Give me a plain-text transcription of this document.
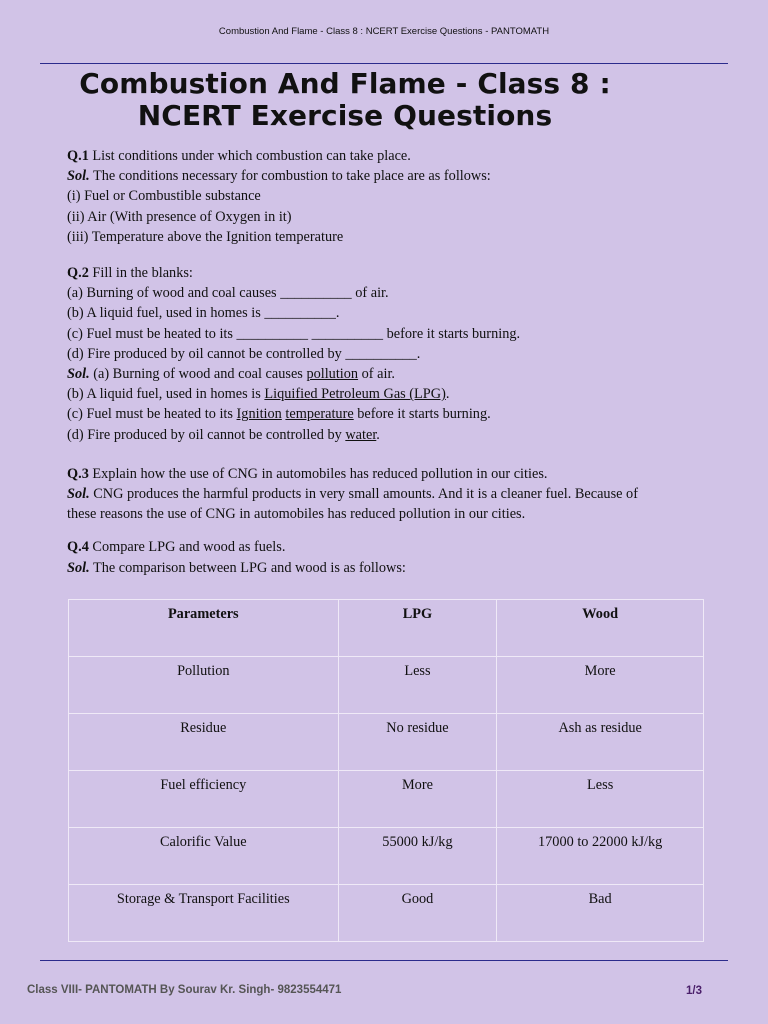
Combustion And Flame - Class 8 : NCERT Exercise Questions - PANTOMATH
Combustion And Flame - Class 8 :
NCERT Exercise Questions

Q.1 List conditions under which combustion can take place.

Sol. The conditions necessary for combustion to take place are as follows:

(i) Fuel or Combustible substance

(ii) Air (With presence of Oxygen in it)

(iii) Temperature above the Ignition temperature

Q.2 Fill in the blanks:

(a) Burning of wood and coal causes __________ of air.

(b) A liquid fuel, used in homes is __________.

(c) Fuel must be heated to its __________ __________ before it starts burning.

(d) Fire produced by oil cannot be controlled by __________.

Sol. (a) Burning of wood and coal causes pollution of air.

(b) A liquid fuel, used in homes is Liquified Petroleum Gas (LPG).

(c) Fuel must be heated to its Ignition temperature before it starts burning.

(d) Fire produced by oil cannot be controlled by water.

Q.3 Explain how the use of CNG in automobiles has reduced pollution in our cities.

Sol. CNG produces the harmful products in very small amounts. And it is a cleaner fuel. Because of

these reasons the use of CNG in automobiles has reduced pollution in our cities.

Q.4 Compare LPG and wood as fuels.

Sol. The comparison between LPG and wood is as follows:

Parameters	LPG	Wood
Pollution	Less	More
Residue	No residue	Ash as residue
Fuel efficiency	More	Less
Calorific Value	55000 kJ/kg	17000 to 22000 kJ/kg
Storage & Transport Facilities	Good	Bad
Class VIII- PANTOMATH By Sourav Kr. Singh- 9823554471	1/3
